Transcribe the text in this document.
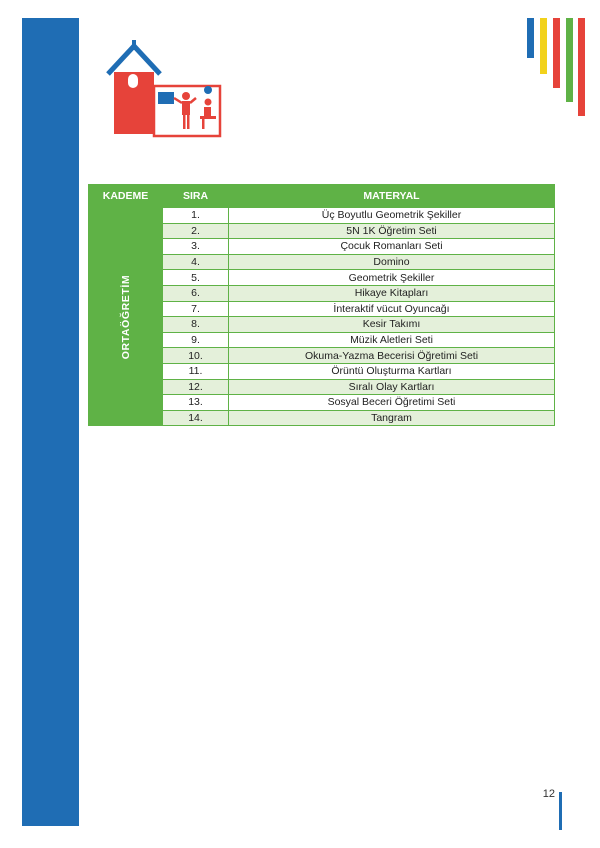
KADEME	SIRA	MATERYAL

ORTAÖĞRETİM	1.	Üç Boyutlu Geometrik Şekiller
	2.	5N 1K Öğretim Seti
	3.	Çocuk Romanları Seti
	4.	Domino
	5.	Geometrik Şekiller
	6.	Hikaye Kitapları
	7.	İnteraktif vücut Oyuncağı
	8.	Kesir Takımı
	9.	Müzik Aletleri Seti
	10.	Okuma-Yazma Becerisi Öğretimi Seti
	11.	Örüntü Oluşturma Kartları
	12.	Sıralı Olay Kartları
	13.	Sosyal Beceri Öğretimi Seti
	14.	Tangram
12
